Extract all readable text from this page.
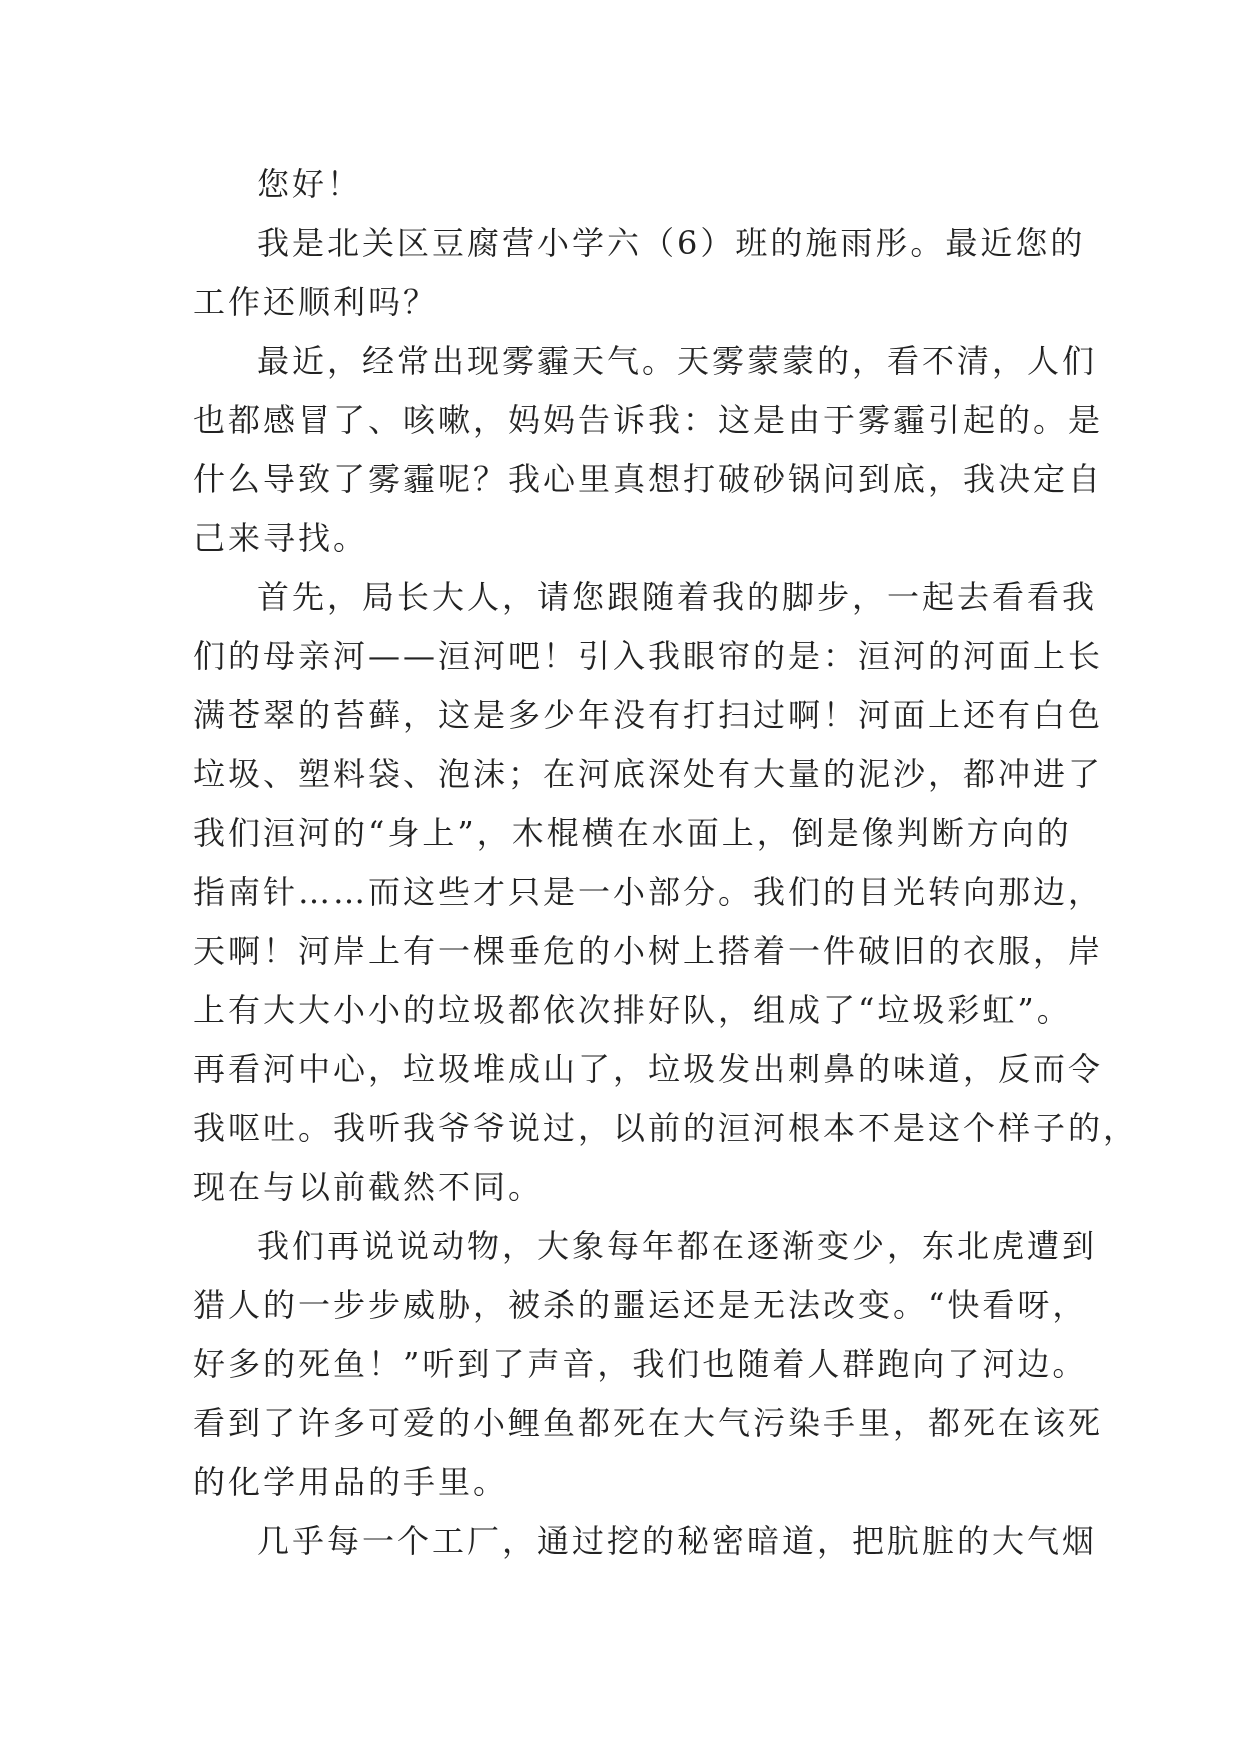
您好！
我是北关区豆腐营小学六（6）班的施雨彤。最近您的
工作还顺利吗？
最近，经常出现雾霾天气。天雾蒙蒙的，看不清，人们
也都感冒了、咳嗽，妈妈告诉我：这是由于雾霾引起的。是
什么导致了雾霾呢？我心里真想打破砂锅问到底，我决定自
己来寻找。
首先，局长大人，请您跟随着我的脚步，一起去看看我
们的母亲河——洹河吧！引入我眼帘的是：洹河的河面上长
满苍翠的苔藓，这是多少年没有打扫过啊！河面上还有白色
垃圾、塑料袋、泡沫；在河底深处有大量的泥沙，都冲进了
我们洹河的“身上”，木棍横在水面上，倒是像判断方向的
指南针……而这些才只是一小部分。我们的目光转向那边，
天啊！河岸上有一棵垂危的小树上搭着一件破旧的衣服，岸
上有大大小小的垃圾都依次排好队，组成了“垃圾彩虹”。
再看河中心，垃圾堆成山了，垃圾发出刺鼻的味道，反而令
我呕吐。我听我爷爷说过，以前的洹河根本不是这个样子的，
现在与以前截然不同。
我们再说说动物，大象每年都在逐渐变少，东北虎遭到
猎人的一步步威胁，被杀的噩运还是无法改变。“快看呀，
好多的死鱼！”听到了声音，我们也随着人群跑向了河边。
看到了许多可爱的小鲤鱼都死在大气污染手里，都死在该死
的化学用品的手里。
几乎每一个工厂，通过挖的秘密暗道，把肮脏的大气烟
